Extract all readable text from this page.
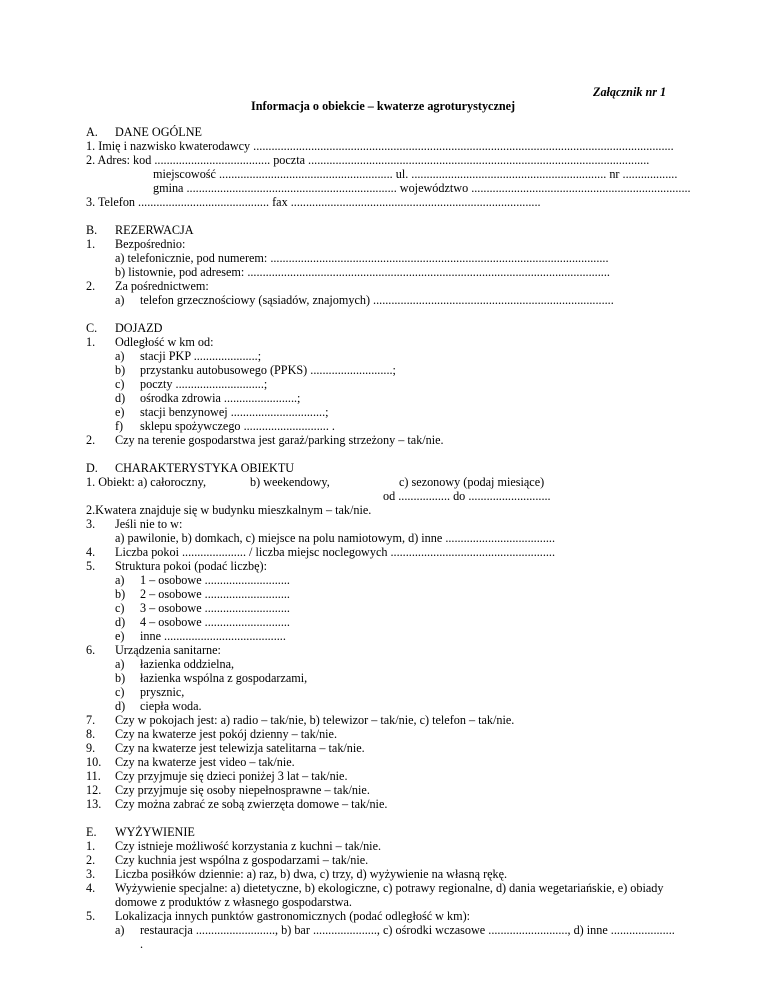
Załącznik nr 1
Informacja o obiekcie – kwaterze agroturystycznej
A. DANE OGÓLNE
1. Imię i nazwisko kwaterodawcy ..........................................................................................................................................
2. Adres: kod ...................................... poczta ................................................................................................................
miejscowość ......................................................... ul. ................................................................ nr ..................
gmina ..................................................................... województwo ........................................................................
3. Telefon ........................................... fax ..................................................................................
B. REZERWACJA
1. Bezpośrednio:
a) telefonicznie, pod numerem: ...............................................................................................................
b) listownie, pod adresem: .......................................................................................................................
2. Za pośrednictwem:
a) telefon grzecznościowy (sąsiadów, znajomych) ...............................................................................
C. DOJAZD
1. Odległość w km od:
a) stacji PKP .....................;
b) przystanku autobusowego (PPKS) ...........................;
c) poczty .............................;
d) ośrodka zdrowia ........................;
e) stacji benzynowej ...............................;
f) sklepu spożywczego ............................ .
2. Czy na terenie gospodarstwa jest garaż/parking strzeżony – tak/nie.
D. CHARAKTERYSTYKA OBIEKTU
1. Obiekt: a) całoroczny,	b) weekendowy,	c) sezonowy (podaj miesiące)
od ................. do ...........................
2.Kwatera znajduje się w budynku mieszkalnym – tak/nie.
3. Jeśli nie to w:
a) pawilonie, b) domkach, c) miejsce na polu namiotowym, d) inne ....................................
4. Liczba pokoi ..................... / liczba miejsc noclegowych ......................................................
5. Struktura pokoi (podać liczbę):
a) 1 – osobowe ............................
b) 2 – osobowe ............................
c) 3 – osobowe ............................
d) 4 – osobowe ............................
e) inne ........................................
6. Urządzenia sanitarne:
a) łazienka oddzielna,
b) łazienka wspólna z gospodarzami,
c) prysznic,
d) ciepła woda.
7. Czy w pokojach jest: a) radio – tak/nie, b) telewizor – tak/nie, c) telefon – tak/nie.
8. Czy na kwaterze jest pokój dzienny – tak/nie.
9. Czy na kwaterze jest telewizja satelitarna – tak/nie.
10. Czy na kwaterze jest video – tak/nie.
11. Czy przyjmuje się dzieci poniżej 3 lat – tak/nie.
12. Czy przyjmuje się osoby niepełnosprawne – tak/nie.
13. Czy można zabrać ze sobą zwierzęta domowe – tak/nie.
E. WYŻYWIENIE
1. Czy istnieje możliwość korzystania z kuchni – tak/nie.
2. Czy kuchnia jest wspólna z gospodarzami – tak/nie.
3. Liczba posiłków dziennie: a) raz, b) dwa, c) trzy, d) wyżywienie na własną rękę.
4. Wyżywienie specjalne: a) dietetyczne, b) ekologiczne, c) potrawy regionalne, d) dania wegetariańskie, e) obiady
domowe z produktów z własnego gospodarstwa.
5. Lokalizacja innych punktów gastronomicznych (podać odległość w km):
a) restauracja .........................., b) bar ....................., c) ośrodki wczasowe .........................., d) inne .....................
.
